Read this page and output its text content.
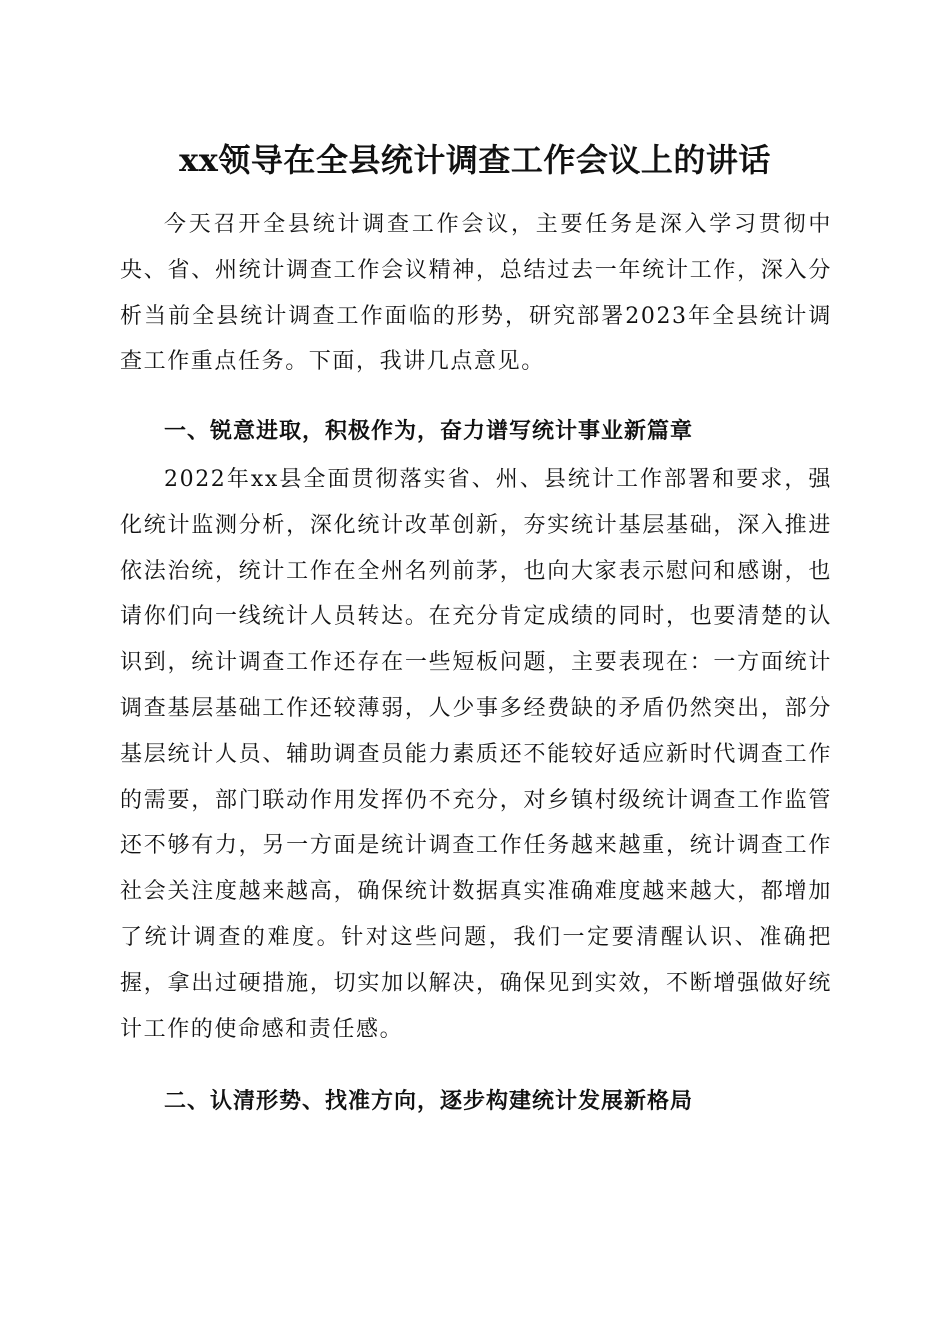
xx领导在全县统计调查工作会议上的讲话

今天召开全县统计调查工作会议，主要任务是深入学习贯彻中央、省、州统计调查工作会议精神，总结过去一年统计工作，深入分析当前全县统计调查工作面临的形势，研究部署2023年全县统计调查工作重点任务。下面，我讲几点意见。

一、锐意进取，积极作为，奋力谱写统计事业新篇章

2022年xx县全面贯彻落实省、州、县统计工作部署和要求，强化统计监测分析，深化统计改革创新，夯实统计基层基础，深入推进依法治统，统计工作在全州名列前茅，也向大家表示慰问和感谢，也请你们向一线统计人员转达。在充分肯定成绩的同时，也要清楚的认识到，统计调查工作还存在一些短板问题，主要表现在：一方面统计调查基层基础工作还较薄弱，人少事多经费缺的矛盾仍然突出，部分基层统计人员、辅助调查员能力素质还不能较好适应新时代调查工作的需要，部门联动作用发挥仍不充分，对乡镇村级统计调查工作监管还不够有力，另一方面是统计调查工作任务越来越重，统计调查工作社会关注度越来越高，确保统计数据真实准确难度越来越大，都增加了统计调查的难度。针对这些问题，我们一定要清醒认识、准确把握，拿出过硬措施，切实加以解决，确保见到实效，不断增强做好统计工作的使命感和责任感。

二、认清形势、找准方向，逐步构建统计发展新格局
